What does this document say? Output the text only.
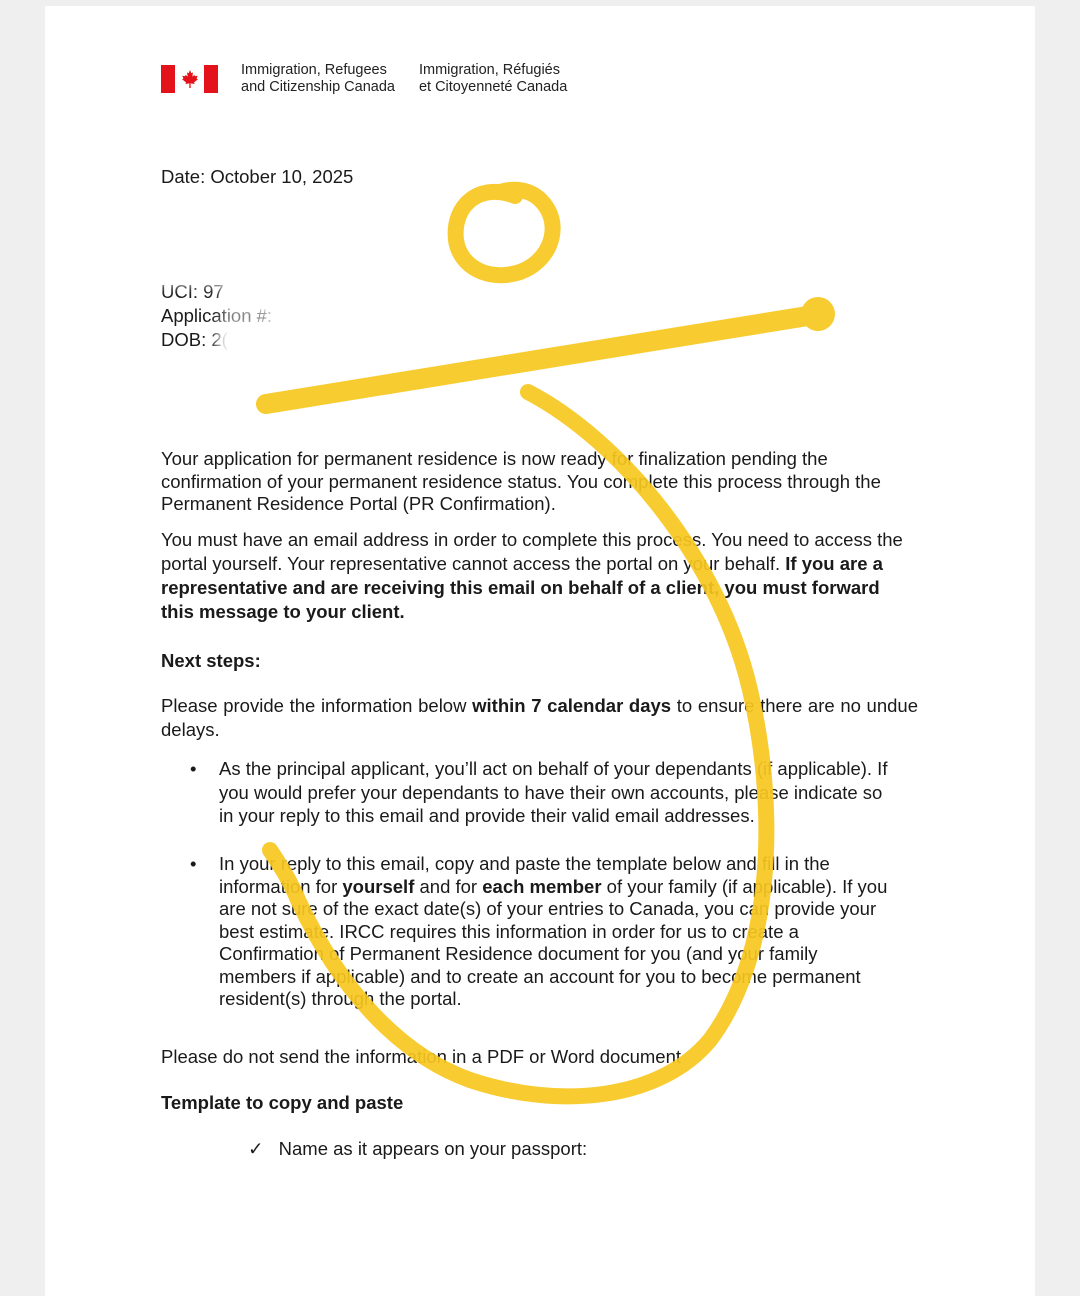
Immigration, Refugees
and Citizenship Canada
Immigration, Réfugiés
et Citoyenneté Canada
Date: October 10, 2025
UCI: 97
Application #:
DOB: 2(

Your application for permanent residence is now ready for finalization pending the confirmation of your permanent residence status. You complete this process through the Permanent Residence Portal (PR Confirmation).

You must have an email address in order to complete this process. You need to access the portal yourself. Your representative cannot access the portal on your behalf. If you are a representative and are receiving this email on behalf of a client, you must forward this message to your client.

Next steps:

Please provide the information below within 7 calendar days to ensure there are no undue delays.

• As the principal applicant, you’ll act on behalf of your dependants (if applicable). If you would prefer your dependants to have their own accounts, please indicate so in your reply to this email and provide their valid email addresses.
• In your reply to this email, copy and paste the template below and fill in the information for yourself and for each member of your family (if applicable). If you are not sure of the exact date(s) of your entries to Canada, you can provide your best estimate. IRCC requires this information in order for us to create a Confirmation of Permanent Residence document for you (and your family members if applicable) and to create an account for you to become permanent resident(s) through the portal.
Please do not send the information in a PDF or Word document
Template to copy and paste
✓ Name as it appears on your passport:
